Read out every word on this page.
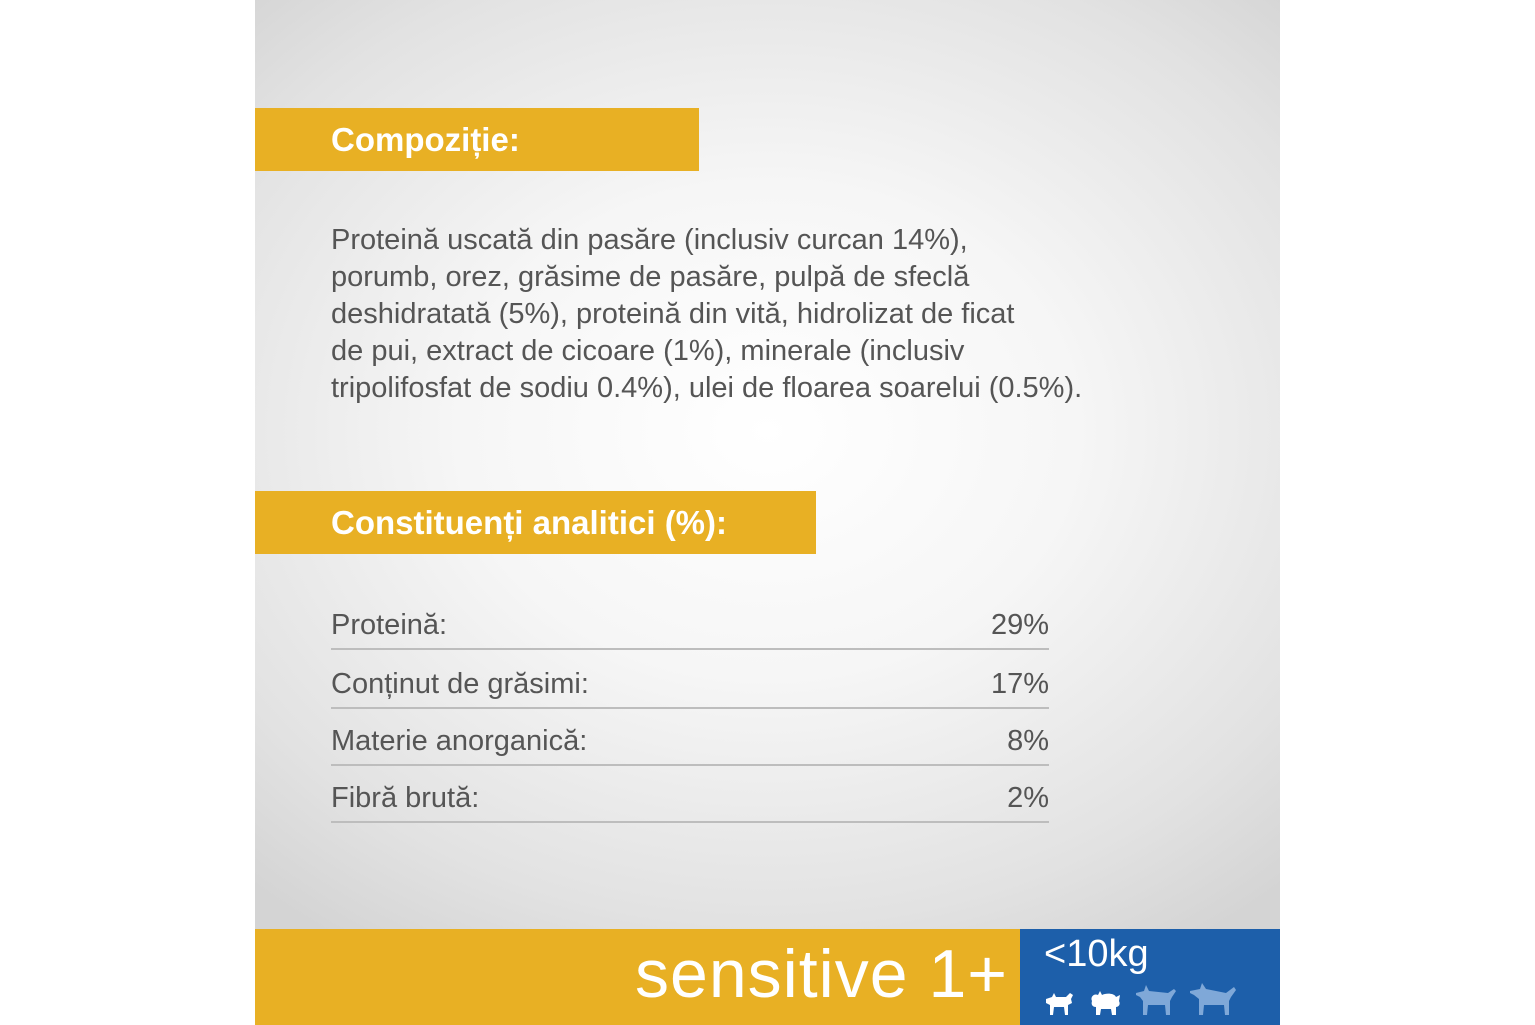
Compoziție:

Proteină uscată din pasăre (inclusiv curcan 14%),
porumb, orez, grăsime de pasăre, pulpă de sfeclă
deshidratată (5%), proteină din vită, hidrolizat de ficat
de pui, extract de cicoare (1%), minerale (inclusiv
tripolifosfat de sodiu 0.4%), ulei de floarea soarelui (0.5%).

Constituenți analitici (%):
Proteină:	29%
Conținut de grăsimi:	17%
Materie anorganică:	8%
Fibră brută:	2%
sensitive 1+ <10kg
